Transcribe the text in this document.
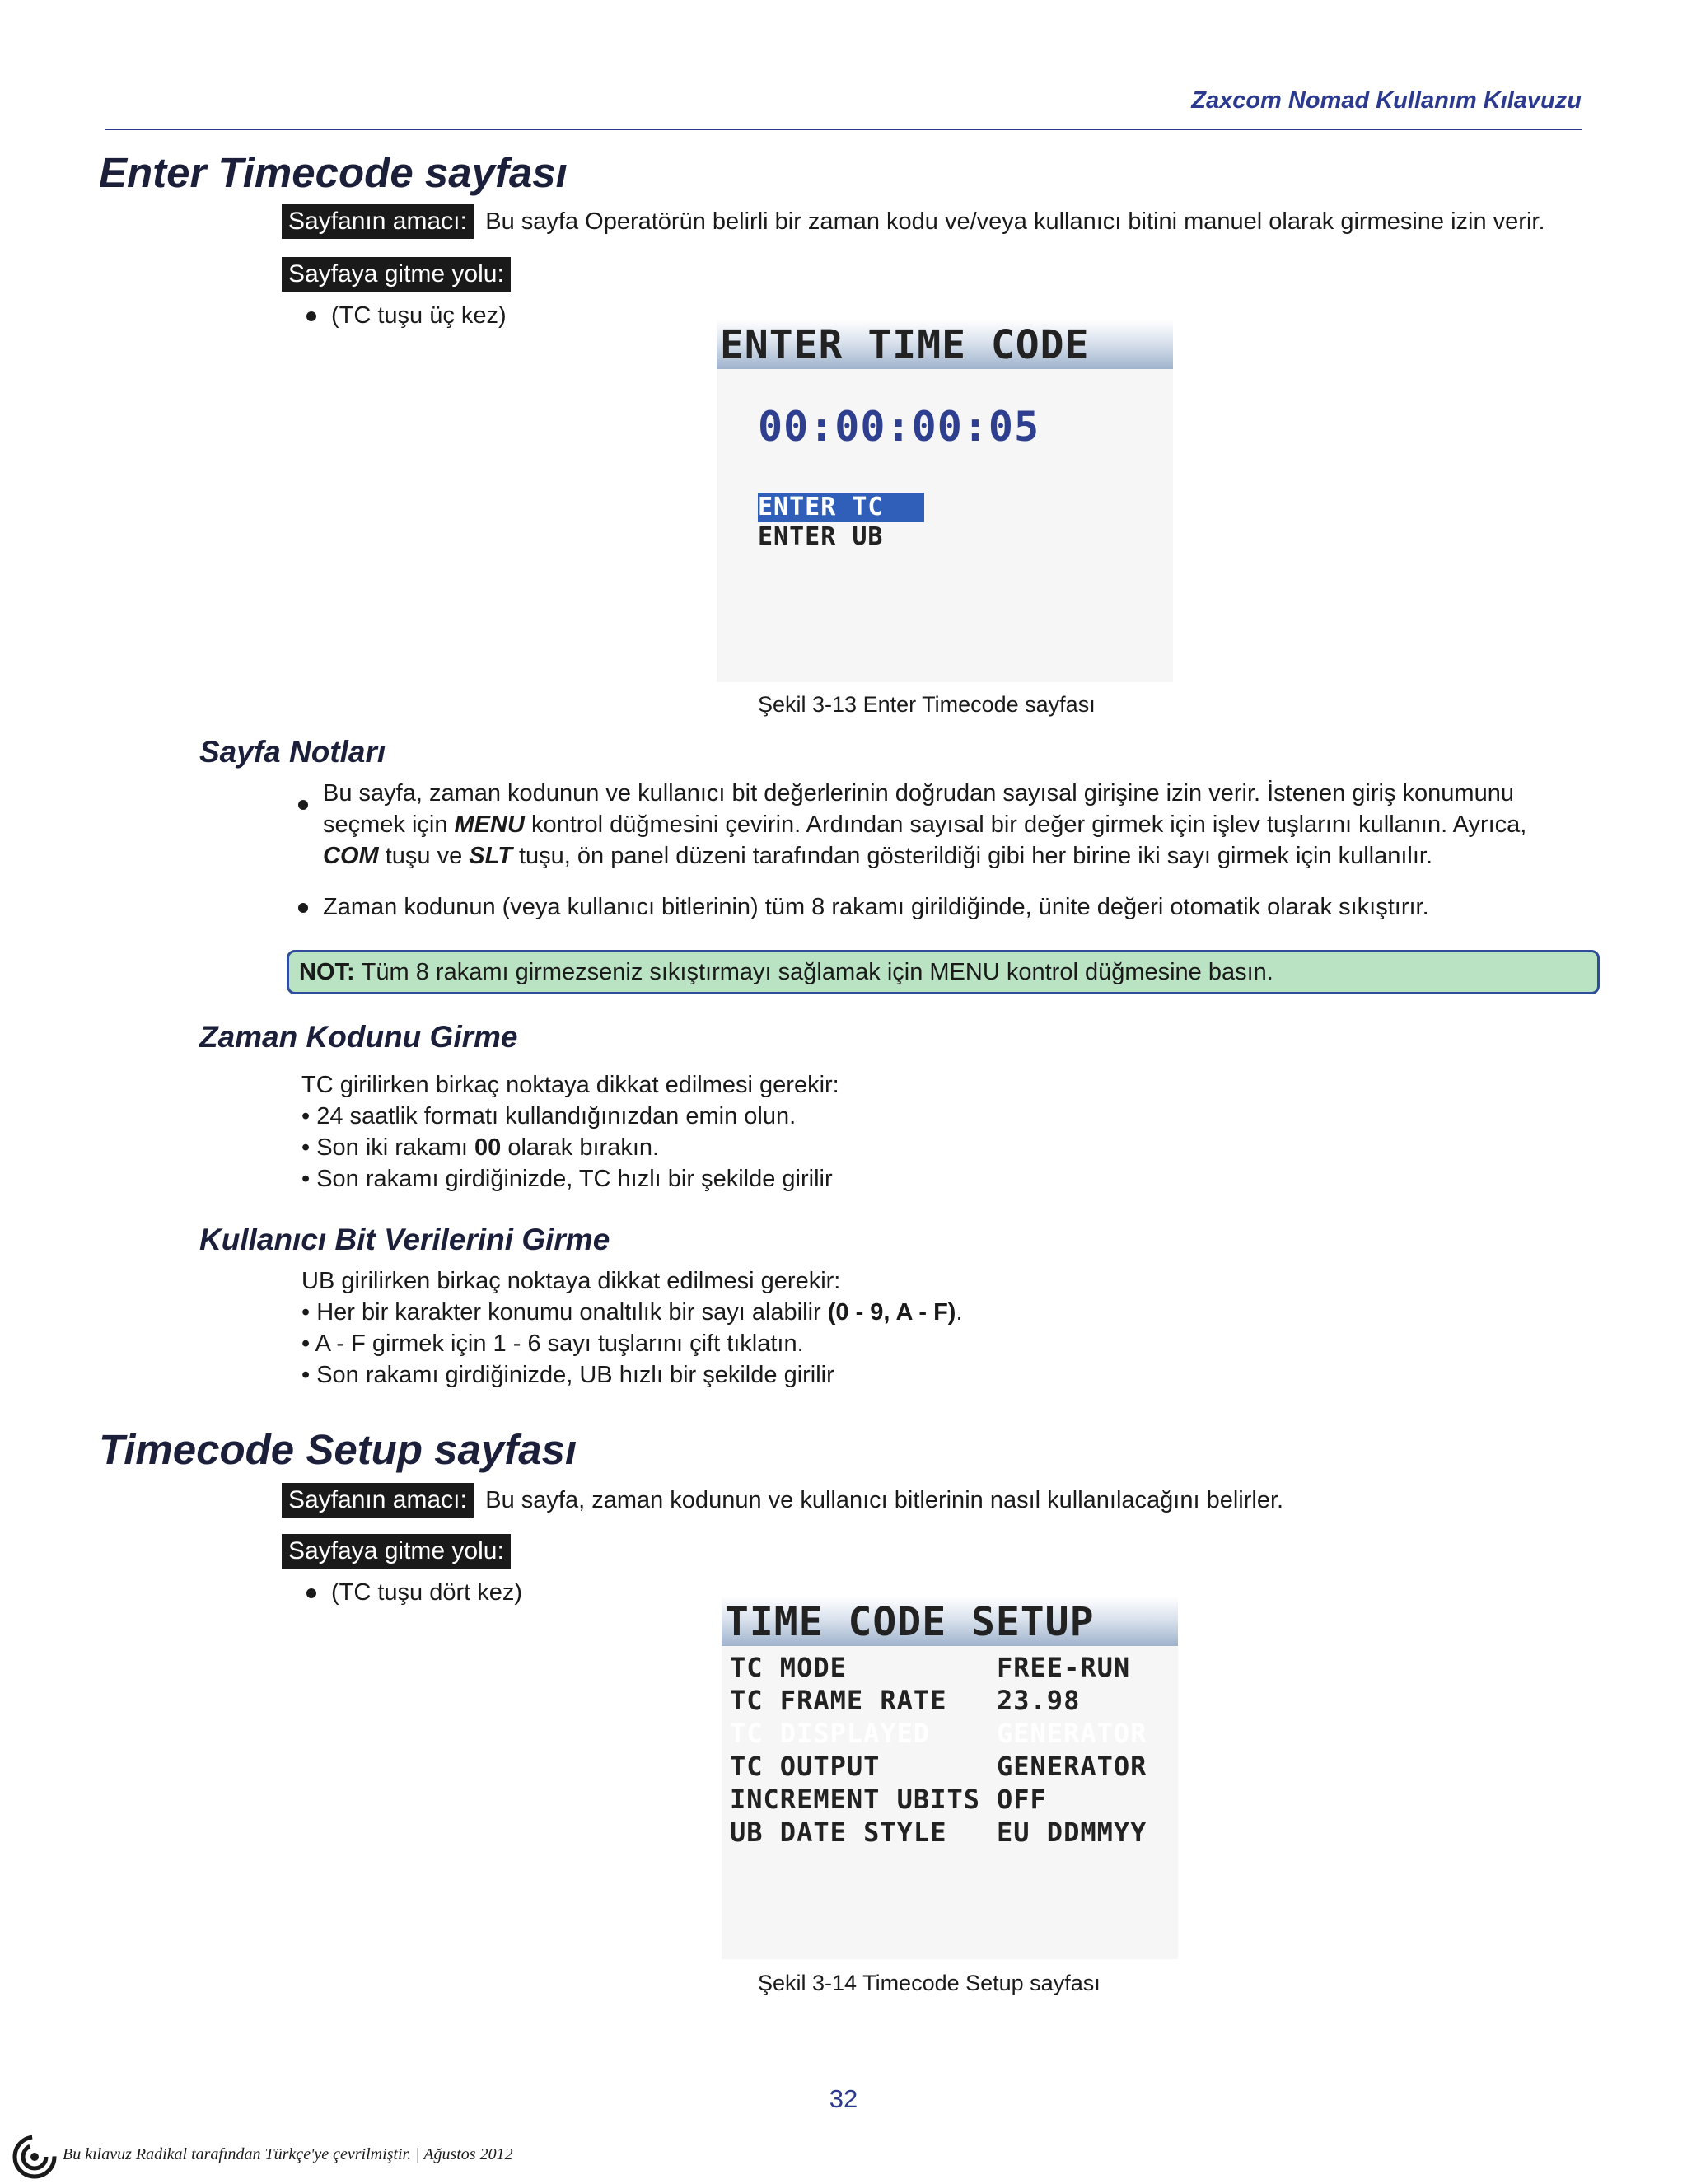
Zaxcom Nomad Kullanım Kılavuzu
Enter Timecode sayfası
Sayfanın amacı: Bu sayfa Operatörün belirli bir zaman kodu ve/veya kullanıcı bitini manuel olarak girmesine izin verir.
Sayfaya gitme yolu:
(TC tuşu üç kez)
ENTER TIME CODE
00:00:00:05
ENTER TC
ENTER UB
Şekil 3-13 Enter Timecode sayfası
Sayfa Notları
Bu sayfa, zaman kodunun ve kullanıcı bit değerlerinin doğrudan sayısal girişine izin verir. İstenen giriş konumunu
seçmek için MENU kontrol düğmesini çevirin. Ardından sayısal bir değer girmek için işlev tuşlarını kullanın. Ayrıca,
COM tuşu ve SLT tuşu, ön panel düzeni tarafından gösterildiği gibi her birine iki sayı girmek için kullanılır.
Zaman kodunun (veya kullanıcı bitlerinin) tüm 8 rakamı girildiğinde, ünite değeri otomatik olarak sıkıştırır.
NOT: Tüm 8 rakamı girmezseniz sıkıştırmayı sağlamak için MENU kontrol düğmesine basın.
Zaman Kodunu Girme
TC girilirken birkaç noktaya dikkat edilmesi gerekir:
• 24 saatlik formatı kullandığınızdan emin olun.
• Son iki rakamı 00 olarak bırakın.
• Son rakamı girdiğinizde, TC hızlı bir şekilde girilir
Kullanıcı Bit Verilerini Girme
UB girilirken birkaç noktaya dikkat edilmesi gerekir:
• Her bir karakter konumu onaltılık bir sayı alabilir (0 - 9, A - F).
• A - F girmek için 1 - 6 sayı tuşlarını çift tıklatın.
• Son rakamı girdiğinizde, UB hızlı bir şekilde girilir
Timecode Setup sayfası
Sayfanın amacı: Bu sayfa, zaman kodunun ve kullanıcı bitlerinin nasıl kullanılacağını belirler.
Sayfaya gitme yolu:
(TC tuşu dört kez)
TIME CODE SETUP
TC MODE	FREE-RUN
TC FRAME RATE 23.98
TC DISPLAYED	GENERATOR
TC OUTPUT	GENERATOR
INCREMENT UBITS OFF
UB DATE STYLE EU DDMMYY
Şekil 3-14 Timecode Setup sayfası
32
Bu kılavuz Radikal tarafından Türkçe'ye çevrilmiştir. | Ağustos 2012
